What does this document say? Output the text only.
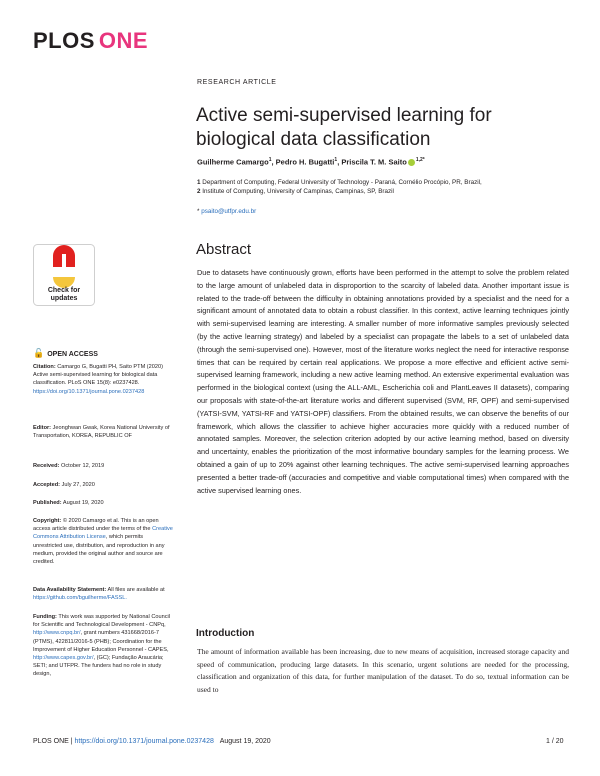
PLOS ONE
RESEARCH ARTICLE
Active semi-supervised learning for biological data classification
Guilherme Camargo$^1$, Pedro H. Bugatti$^1$, Priscila T. M. Saito $^{1,2*}$
1 Department of Computing, Federal University of Technology - Paraná, Cornélio Procópio, PR, Brazil,
2 Institute of Computing, University of Campinas, Campinas, SP, Brazil
* psaito@utfpr.edu.br
Abstract
Due to datasets have continuously grown, efforts have been performed in the attempt to solve the problem related to the large amount of unlabeled data in disproportion to the scarcity of labeled data. Another important issue is related to the trade-off between the difficulty in obtaining annotations provided by a specialist and the need for a significant amount of annotated data to obtain a robust classifier. In this context, active learning techniques jointly with semi-supervised learning are interesting. A smaller number of more informative samples previously selected (by the active learning strategy) and labeled by a specialist can propagate the labels to a set of unlabeled data (through the semi-supervised one). However, most of the literature works neglect the need for interactive response times that can be required by certain real applications. We propose a more effective and efficient active semi-supervised learning framework, including a new active learning method. An extensive experimental evaluation was performed in the biological context (using the ALL-AML, Escherichia coli and PlantLeaves II datasets), comparing our proposals with state-of-the-art literature works and different supervised (SVM, RF, OPF) and semi-supervised (YATSI-SVM, YATSI-RF and YATSI-OPF) classifiers. From the obtained results, we can observe the benefits of our framework, which allows the classifier to achieve higher accuracies more quickly with a reduced number of annotated samples. Moreover, the selection criterion adopted by our active learning method, based on diversity and uncertainty, enables the prioritization of the most informative boundary samples for the learning process. We obtained a gain of up to 20% against other learning techniques. The active semi-supervised learning approaches presented a better trade-off (accuracies and competitive and viable computational times) when compared with the active supervised learning ones.
Introduction
The amount of information available has been increasing, due to new means of acquisition, increased storage capacity and speed of communication, producing large datasets. In this scenario, urgent solutions are needed for the processing, classification and organization of this data, for further manipulation of the dataset. To do so, textual information can be used to
Check for
updates
🔓 OPEN ACCESS
Citation: Camargo G, Bugatti PH, Saito PTM (2020) Active semi-supervised learning for biological data classification. PLoS ONE 15(8): e0237428. https://doi.org/10.1371/journal.pone.0237428
Editor: Jeonghwan Gwak, Korea National University of Transportation, KOREA, REPUBLIC OF
Received: October 12, 2019
Accepted: July 27, 2020
Published: August 19, 2020
Copyright: © 2020 Camargo et al. This is an open access article distributed under the terms of the Creative Commons Attribution License, which permits unrestricted use, distribution, and reproduction in any medium, provided the original author and source are credited.
Data Availability Statement: All files are available at https://github.com/bguilherme/FASSL.
Funding: This work was supported by National Council for Scientific and Technological Development - CNPq, http://www.cnpq.br/, grant numbers 431668/2016-7 (PTMS), 422811/2016-5 (PHB); Coordination for the Improvement of Higher Education Personnel - CAPES, http://www.capes.gov.br/, (GC); Fundação Araucária; SETI; and UTFPR. The funders had no role in study design,
PLOS ONE | https://doi.org/10.1371/journal.pone.0237428 August 19, 2020	1 / 20
